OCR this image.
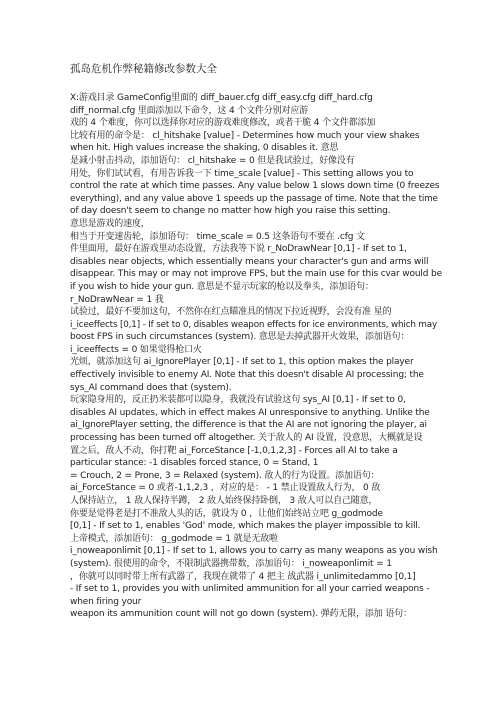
孤岛危机作弊秘籍修改参数大全
X:游戏目录 GameConfig里面的 diff_bauer.cfg diff_easy.cfg diff_hard.cfg
diff_normal.cfg 里面添加以下命令，这 4 个文件分别对应游
戏的 4 个难度，你可以选择你对应的游戏难度修改，或者干脆 4 个文件都添加
比较有用的命令是： cl_hitshake [value] - Determines how much your view shakes
when hit. High values increase the shaking, 0 disables it. 意思
是减小射击抖动，添加语句： cl_hitshake = 0 但是我试验过，好像没有
用处，你们试试看，有用告诉我一下 time_scale [value] - This setting allows you to
control the rate at which time passes. Any value below 1 slows down time (0 freezes
everything), and any value above 1 speeds up the passage of time. Note that the time
of day doesn't seem to change no matter how high you raise this setting.
意思是游戏的速度，
相当于开变速齿轮，添加语句： time_scale = 0.5 这条语句不要在 .cfg 文
件里面用，最好在游戏里动态设置，方法我等下说 r_NoDrawNear [0,1] - If set to 1,
disables near objects, which essentially means your character's gun and arms will
disappear. This may or may not improve FPS, but the main use for this cvar would be
if you wish to hide your gun. 意思是不显示玩家的枪以及拳头，添加语句：
r_NoDrawNear = 1 我
试验过，最好不要加这句，不然你在红点瞄准具的情况下拉近视野，会没有准 星的
i_iceeffects [0,1] - If set to 0, disables weapon effects for ice environments, which may
boost FPS in such circumstances (system). 意思是去掉武器开火效果，添加语句：
i_iceeffects = 0 如果觉得枪口火
光烦，就添加这句 ai_IgnorePlayer [0,1] - If set to 1, this option makes the player
effectively invisible to enemy AI. Note that this doesn't disable AI processing; the
sys_AI command does that (system).
玩家隐身用的，反正扔米装都可以隐身，我就没有试验这句 sys_AI [0,1] - If set to 0,
disables AI updates, which in effect makes AI unresponsive to anything. Unlike the
ai_IgnorePlayer setting, the difference is that the AI are not ignoring the player, ai
processing has been turned off altogether. 关于敌人的 AI 设置，没意思，大概就是设
置之后，敌人不动，你打靶 ai_ForceStance [-1,0,1,2,3] - Forces all AI to take a
particular stance: -1 disables forced stance, 0 = Stand, 1
= Crouch, 2 = Prone, 3 = Relaxed (system). 敌人的行为设置。添加语句：
ai_ForceStance = 0 或者-1,1,2,3 ，对应的是： - 1 禁止设置敌人行为， 0 敌
人保持站立， 1 敌人保持半蹲， 2 敌人始终保持卧倒， 3 敌人可以自己随意，
你要是觉得老是打不准敌人头的话，就设为 0 ，让他们始终站立吧 g_godmode
[0,1] - If set to 1, enables 'God' mode, which makes the player impossible to kill.
上帝模式，添加语句： g_godmode = 1 就是无敌啦
i_noweaponlimit [0,1] - If set to 1, allows you to carry as many weapons as you wish
(system). 很使用的命令，不限制武器携带数，添加语句： i_noweaponlimit = 1
，你就可以同时带上所有武器了，我现在就带了 4 把主 战武器 i_unlimitedammo [0,1]
- If set to 1, provides you with unlimited ammunition for all your carried weapons -
when firing your
weapon its ammunition count will not go down (system). 弹药无限，添加 语句：
